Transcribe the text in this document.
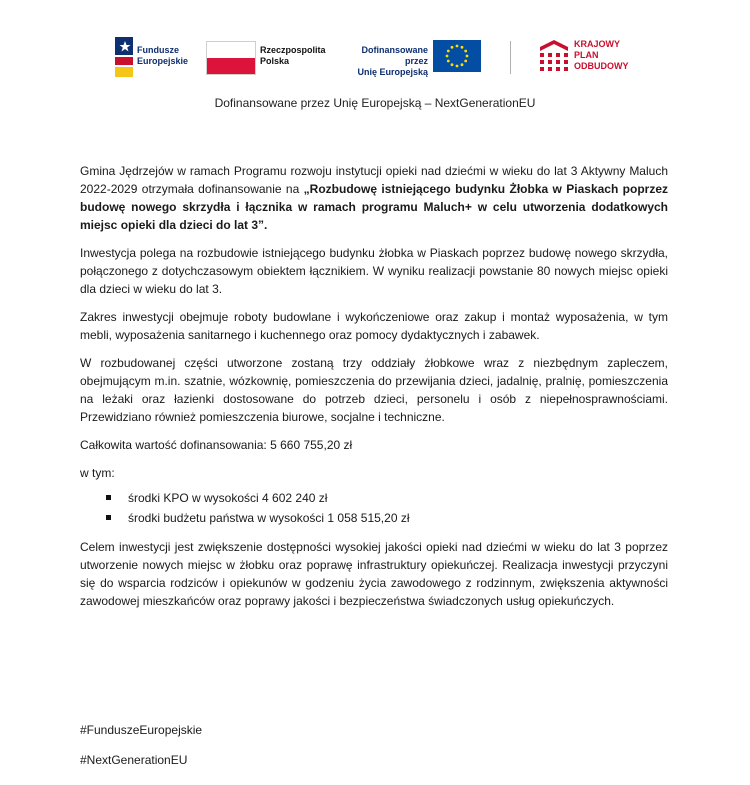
Fundusze
Europejskie
Rzeczpospolita
Polska
Dofinansowane przez
Unię Europejską
KRAJOWY
PLAN
ODBUDOWY
Dofinansowane przez Unię Europejską – NextGenerationEU

Gmina Jędrzejów w ramach Programu rozwoju instytucji opieki nad dziećmi w wieku do lat 3 Aktywny Maluch 2022-2029 otrzymała dofinansowanie na „Rozbudowę istniejącego budynku Żłobka w Piaskach poprzez budowę nowego skrzydła i łącznika w ramach programu Maluch+ w celu utworzenia dodatkowych miejsc opieki dla dzieci do lat 3”.

Inwestycja polega na rozbudowie istniejącego budynku żłobka w Piaskach poprzez budowę nowego skrzydła, połączonego z dotychczasowym obiektem łącznikiem. W wyniku realizacji powstanie 80 nowych miejsc opieki dla dzieci w wieku do lat 3.

Zakres inwestycji obejmuje roboty budowlane i wykończeniowe oraz zakup i montaż wyposażenia, w tym mebli, wyposażenia sanitarnego i kuchennego oraz pomocy dydaktycznych i zabawek.

W rozbudowanej części utworzone zostaną trzy oddziały żłobkowe wraz z niezbędnym zapleczem, obejmującym m.in. szatnie, wózkownię, pomieszczenia do przewijania dzieci, jadalnię, pralnię, pomieszczenia na leżaki oraz łazienki dostosowane do potrzeb dzieci, personelu i osób z niepełnosprawnościami. Przewidziano również pomieszczenia biurowe, socjalne i techniczne.

Całkowita wartość dofinansowania: 5 660 755,20 zł

w tym:

środki KPO w wysokości 4 602 240 zł
środki budżetu państwa w wysokości 1 058 515,20 zł

Celem inwestycji jest zwiększenie dostępności wysokiej jakości opieki nad dziećmi w wieku do lat 3 poprzez utworzenie nowych miejsc w żłobku oraz poprawę infrastruktury opiekuńczej. Realizacja inwestycji przyczyni się do wsparcia rodziców i opiekunów w godzeniu życia zawodowego z rodzinnym, zwiększenia aktywności zawodowej mieszkańców oraz poprawy jakości i bezpieczeństwa świadczonych usług opiekuńczych.

#FunduszeEuropejskie
#NextGenerationEU
